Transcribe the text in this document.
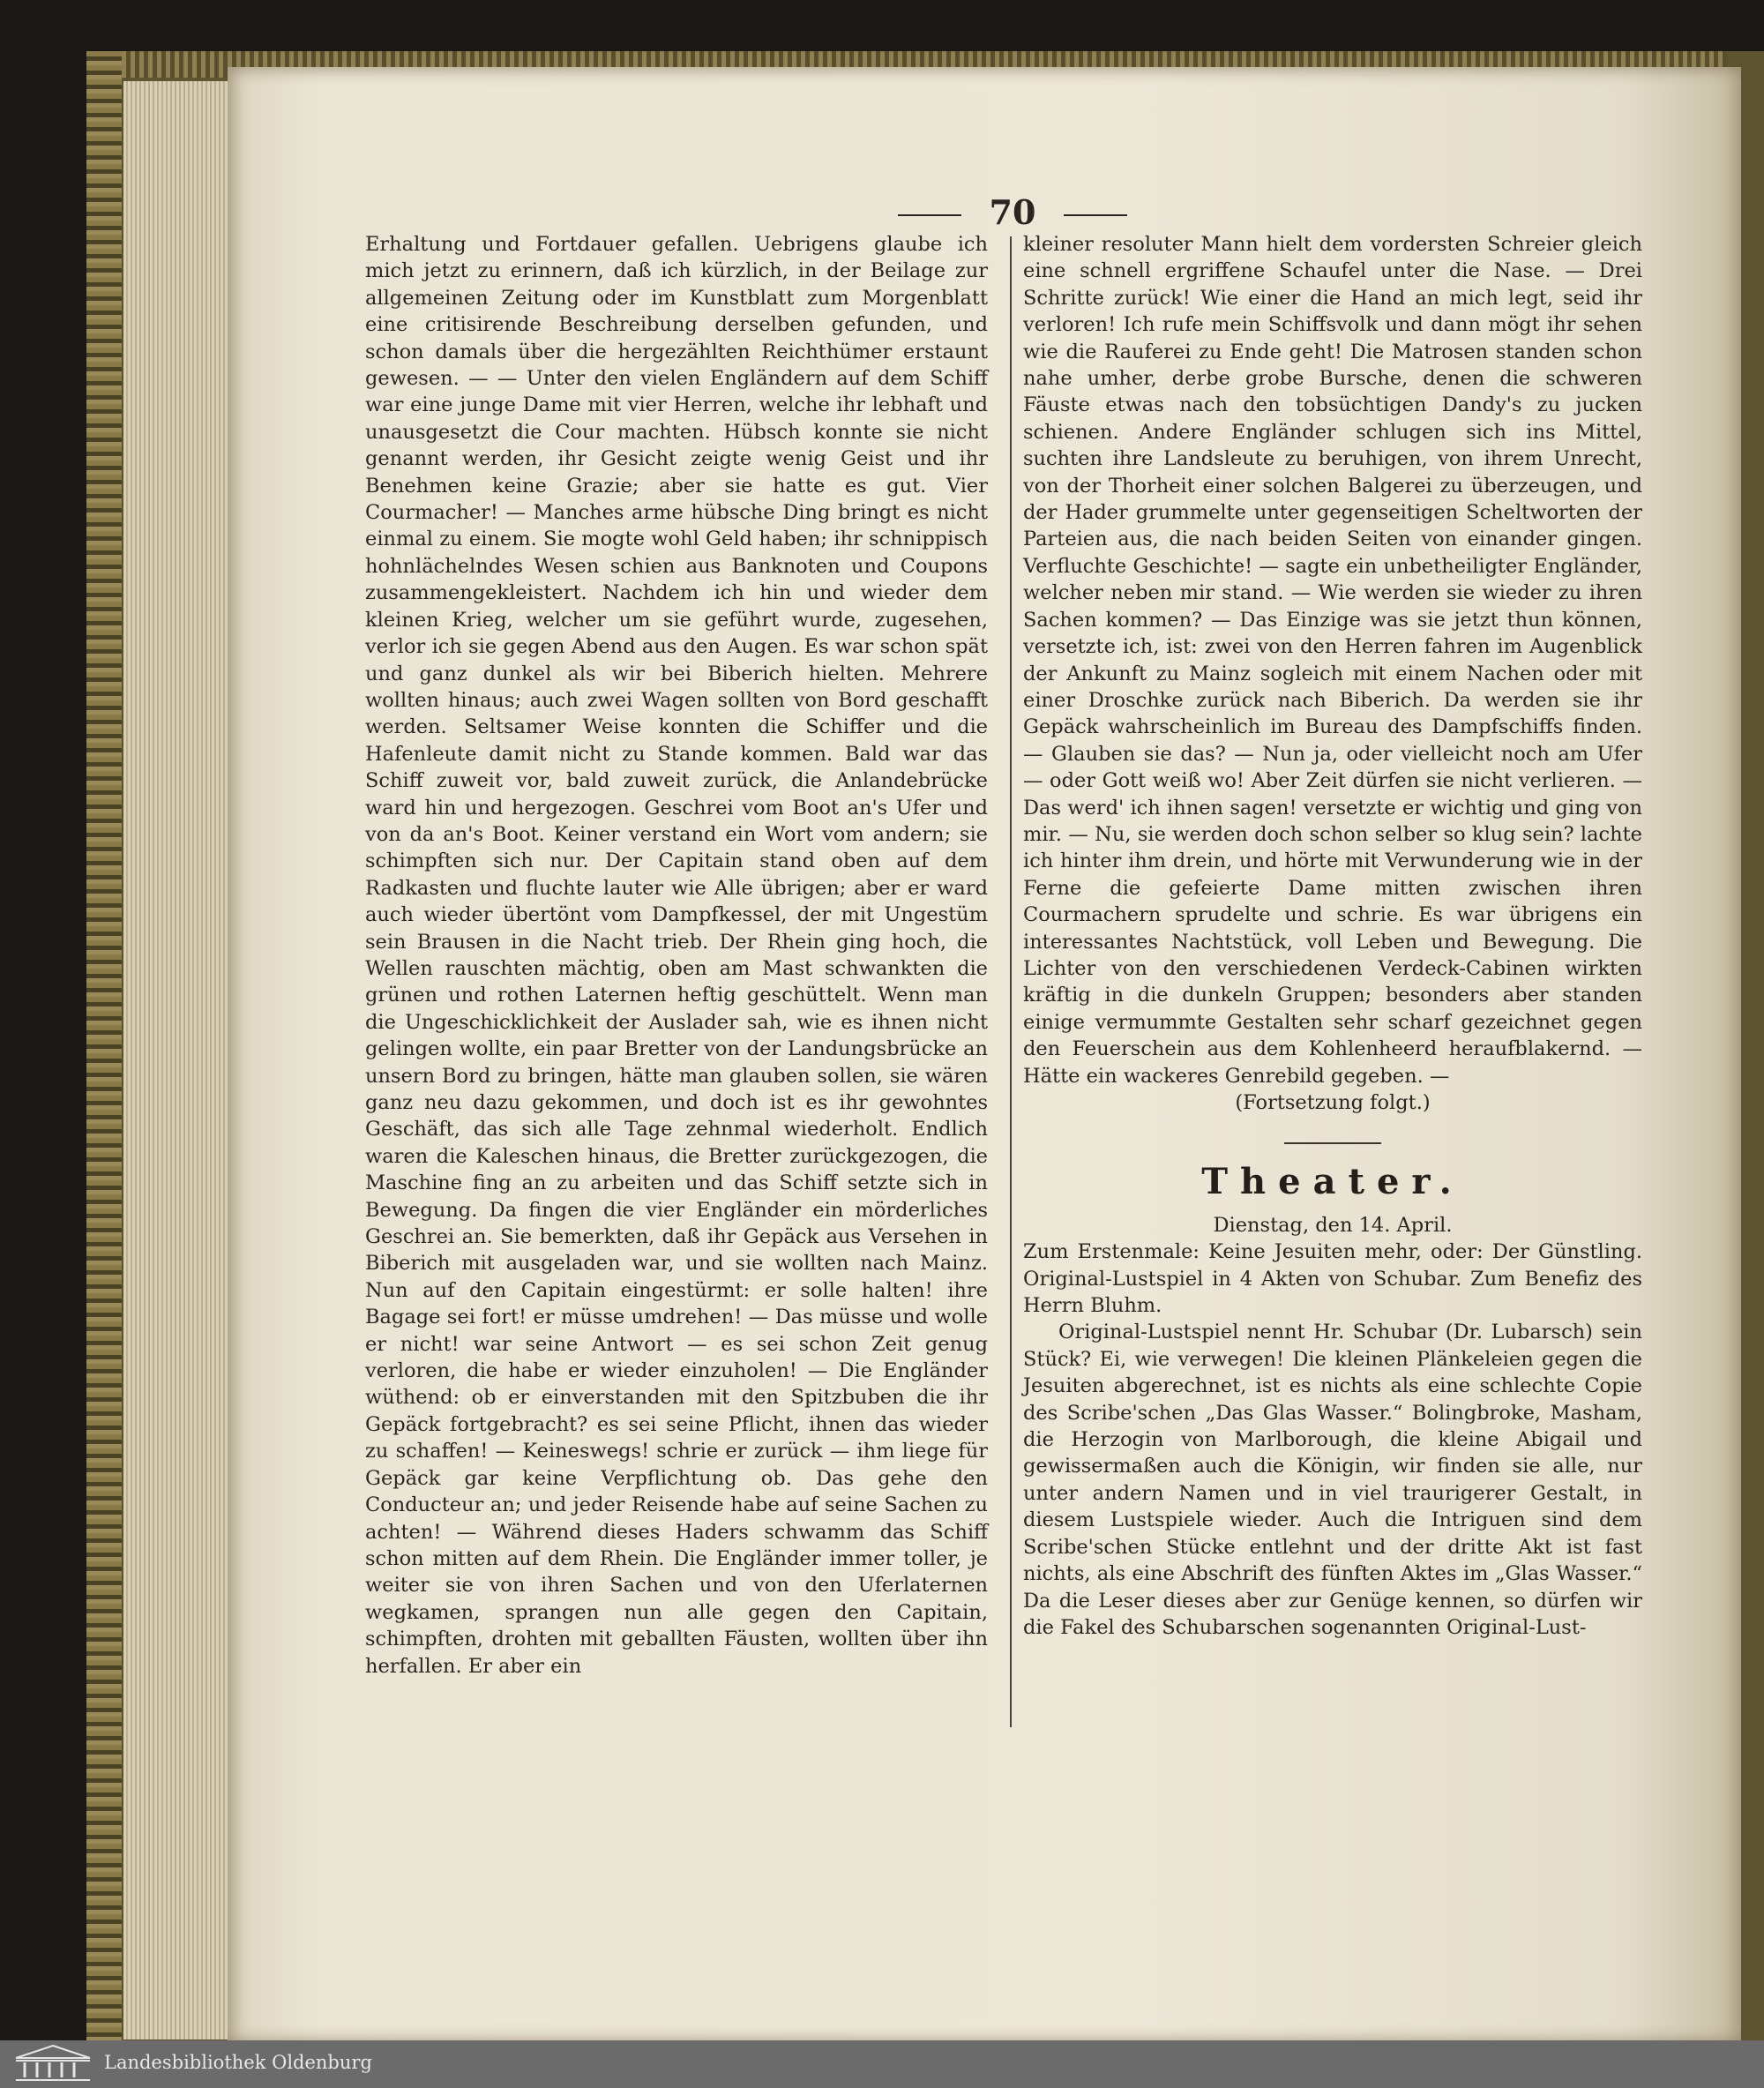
70

Erhaltung und Fortdauer gefallen. Uebrigens glaube ich mich jetzt zu erinnern, daß ich kürzlich, in der Beilage zur allgemeinen Zeitung oder im Kunstblatt zum Morgenblatt eine critisirende Beschreibung derselben gefunden, und schon damals über die hergezählten Reichthümer erstaunt gewesen. — — Unter den vielen Engländern auf dem Schiff war eine junge Dame mit vier Herren, welche ihr lebhaft und unausgesetzt die Cour machten. Hübsch konnte sie nicht genannt werden, ihr Gesicht zeigte wenig Geist und ihr Benehmen keine Grazie; aber sie hatte es gut. Vier Courmacher! — Manches arme hübsche Ding bringt es nicht einmal zu einem. Sie mogte wohl Geld haben; ihr schnippisch hohnlächelndes Wesen schien aus Banknoten und Coupons zusammengekleistert. Nachdem ich hin und wieder dem kleinen Krieg, welcher um sie geführt wurde, zugesehen, verlor ich sie gegen Abend aus den Augen. Es war schon spät und ganz dunkel als wir bei Biberich hielten. Mehrere wollten hinaus; auch zwei Wagen sollten von Bord geschafft werden. Seltsamer Weise konnten die Schiffer und die Hafenleute damit nicht zu Stande kommen. Bald war das Schiff zuweit vor, bald zuweit zurück, die Anlandebrücke ward hin und hergezogen. Geschrei vom Boot an's Ufer und von da an's Boot. Keiner verstand ein Wort vom andern; sie schimpften sich nur. Der Capitain stand oben auf dem Radkasten und fluchte lauter wie Alle übrigen; aber er ward auch wieder übertönt vom Dampfkessel, der mit Ungestüm sein Brausen in die Nacht trieb. Der Rhein ging hoch, die Wellen rauschten mächtig, oben am Mast schwankten die grünen und rothen Laternen heftig geschüttelt. Wenn man die Ungeschicklichkeit der Auslader sah, wie es ihnen nicht gelingen wollte, ein paar Bretter von der Landungsbrücke an unsern Bord zu bringen, hätte man glauben sollen, sie wären ganz neu dazu gekommen, und doch ist es ihr gewohntes Geschäft, das sich alle Tage zehnmal wiederholt. Endlich waren die Kaleschen hinaus, die Bretter zurückgezogen, die Maschine fing an zu arbeiten und das Schiff setzte sich in Bewegung. Da fingen die vier Engländer ein mörderliches Geschrei an. Sie bemerkten, daß ihr Gepäck aus Versehen in Biberich mit ausgeladen war, und sie wollten nach Mainz. Nun auf den Capitain eingestürmt: er solle halten! ihre Bagage sei fort! er müsse umdrehen! — Das müsse und wolle er nicht! war seine Antwort — es sei schon Zeit genug verloren, die habe er wieder einzuholen! — Die Engländer wüthend: ob er einverstanden mit den Spitzbuben die ihr Gepäck fortgebracht? es sei seine Pflicht, ihnen das wieder zu schaffen! — Keineswegs! schrie er zurück — ihm liege für Gepäck gar keine Verpflichtung ob. Das gehe den Conducteur an; und jeder Reisende habe auf seine Sachen zu achten! — Während dieses Haders schwamm das Schiff schon mitten auf dem Rhein. Die Engländer immer toller, je weiter sie von ihren Sachen und von den Uferlaternen wegkamen, sprangen nun alle gegen den Capitain, schimpften, drohten mit geballten Fäusten, wollten über ihn herfallen. Er aber ein

kleiner resoluter Mann hielt dem vordersten Schreier gleich eine schnell ergriffene Schaufel unter die Nase. — Drei Schritte zurück! Wie einer die Hand an mich legt, seid ihr verloren! Ich rufe mein Schiffsvolk und dann mögt ihr sehen wie die Rauferei zu Ende geht! Die Matrosen standen schon nahe umher, derbe grobe Bursche, denen die schweren Fäuste etwas nach den tobsüchtigen Dandy's zu jucken schienen. Andere Engländer schlugen sich ins Mittel, suchten ihre Landsleute zu beruhigen, von ihrem Unrecht, von der Thorheit einer solchen Balgerei zu überzeugen, und der Hader grummelte unter gegenseitigen Scheltworten der Parteien aus, die nach beiden Seiten von einander gingen. Verfluchte Geschichte! — sagte ein unbetheiligter Engländer, welcher neben mir stand. — Wie werden sie wieder zu ihren Sachen kommen? — Das Einzige was sie jetzt thun können, versetzte ich, ist: zwei von den Herren fahren im Augenblick der Ankunft zu Mainz sogleich mit einem Nachen oder mit einer Droschke zurück nach Biberich. Da werden sie ihr Gepäck wahrscheinlich im Bureau des Dampfschiffs finden. — Glauben sie das? — Nun ja, oder vielleicht noch am Ufer — oder Gott weiß wo! Aber Zeit dürfen sie nicht verlieren. — Das werd' ich ihnen sagen! versetzte er wichtig und ging von mir. — Nu, sie werden doch schon selber so klug sein? lachte ich hinter ihm drein, und hörte mit Verwunderung wie in der Ferne die gefeierte Dame mitten zwischen ihren Courmachern sprudelte und schrie. Es war übrigens ein interessantes Nachtstück, voll Leben und Bewegung. Die Lichter von den verschiedenen Verdeck-Cabinen wirkten kräftig in die dunkeln Gruppen; besonders aber standen einige vermummte Gestalten sehr scharf gezeichnet gegen den Feuerschein aus dem Kohlenheerd heraufblakernd. — Hätte ein wackeres Genrebild gegeben. —

(Fortsetzung folgt.)

Theater.

Dienstag, den 14. April.

Zum Erstenmale: Keine Jesuiten mehr, oder: Der Günstling. Original-Lustspiel in 4 Akten von Schubar. Zum Benefiz des Herrn Bluhm.

Original-Lustspiel nennt Hr. Schubar (Dr. Lubarsch) sein Stück? Ei, wie verwegen! Die kleinen Plänkeleien gegen die Jesuiten abgerechnet, ist es nichts als eine schlechte Copie des Scribe'schen „Das Glas Wasser.“ Bolingbroke, Masham, die Herzogin von Marlborough, die kleine Abigail und gewissermaßen auch die Königin, wir finden sie alle, nur unter andern Namen und in viel traurigerer Gestalt, in diesem Lustspiele wieder. Auch die Intriguen sind dem Scribe'schen Stücke entlehnt und der dritte Akt ist fast nichts, als eine Abschrift des fünften Aktes im „Glas Wasser.“ Da die Leser dieses aber zur Genüge kennen, so dürfen wir die Fakel des Schubarschen sogenannten Original-Lust-

Landesbibliothek Oldenburg
